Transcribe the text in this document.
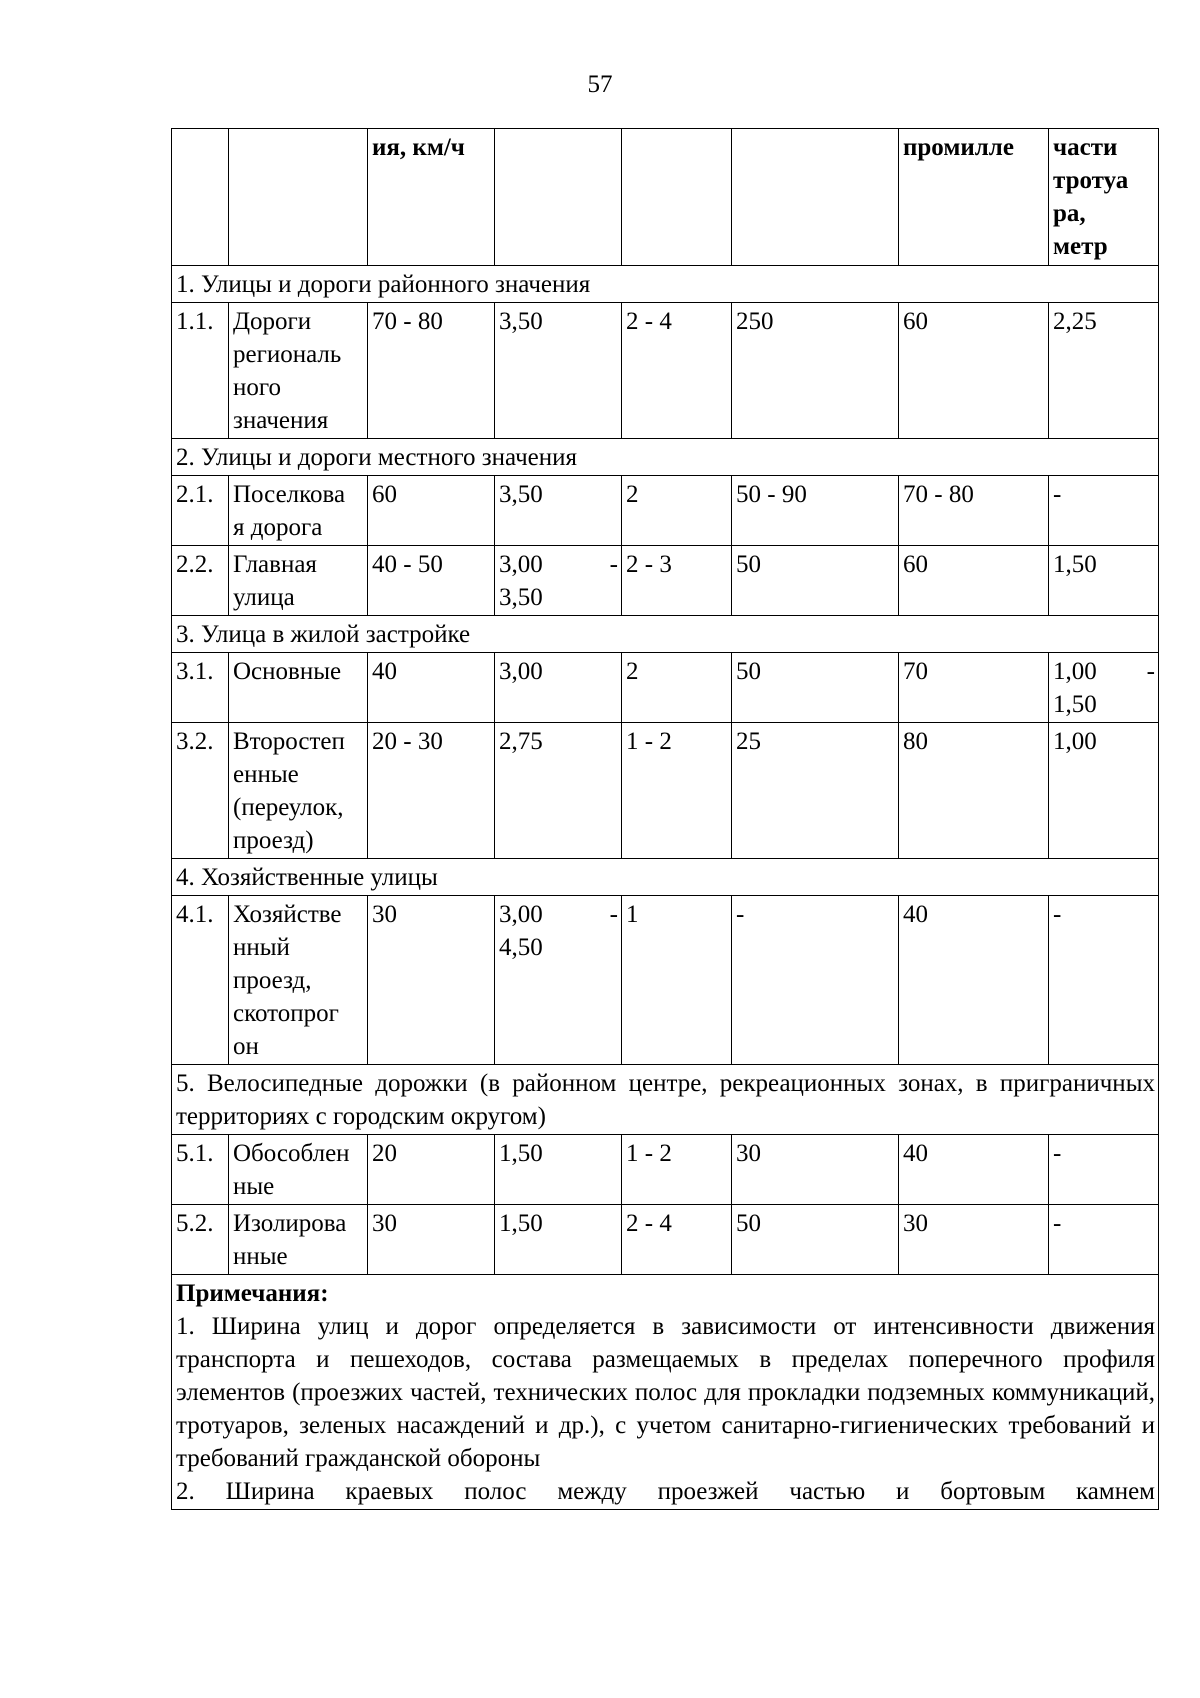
57
		ия, км/ч				промилле	части
тротуа
ра,
метр
1. Улицы и дороги районного значения							
1.1.	Дороги
региональ
ного
значения	70 - 80	3,50	2 - 4	250	60	2,25
2. Улицы и дороги местного значения							
2.1.	Поселкова
я дорога	60	3,50	2	50 - 90	70 - 80	-
2.2.	Главная
улица	40 - 50	3,00 -
3,50	2 - 3	50	60	1,50
3. Улица в жилой застройке							
3.1.	Основные	40	3,00	2	50	70	1,00 -
1,50

3.2.	Второстеп
енные
(переулок,
проезд)	20 - 30	2,75	1 - 2	25	80	1,00
4. Хозяйственные улицы							
4.1.	Хозяйстве
нный
проезд,
скотопрог
он	30	3,00 -
4,50	1	-	40	-
5. Велосипедные дорожки (в районном центре, рекреационных зонах, в приграничных территориях с городским округом)							
5.1.	Обособлен
ные	20	1,50	1 - 2	30	40	-
5.2.	Изолирова
нные	30	1,50	2 - 4	50	30	-

Примечания:

1. Ширина улиц и дорог определяется в зависимости от интенсивности движения транспорта и пешеходов, состава размещаемых в пределах поперечного профиля элементов (проезжих частей, технических полос для прокладки подземных коммуникаций, тротуаров, зеленых насаждений и др.), с учетом санитарно-гигиенических требований и требований гражданской обороны

2. Ширина краевых полос между проезжей частью и бортовым камнем							
